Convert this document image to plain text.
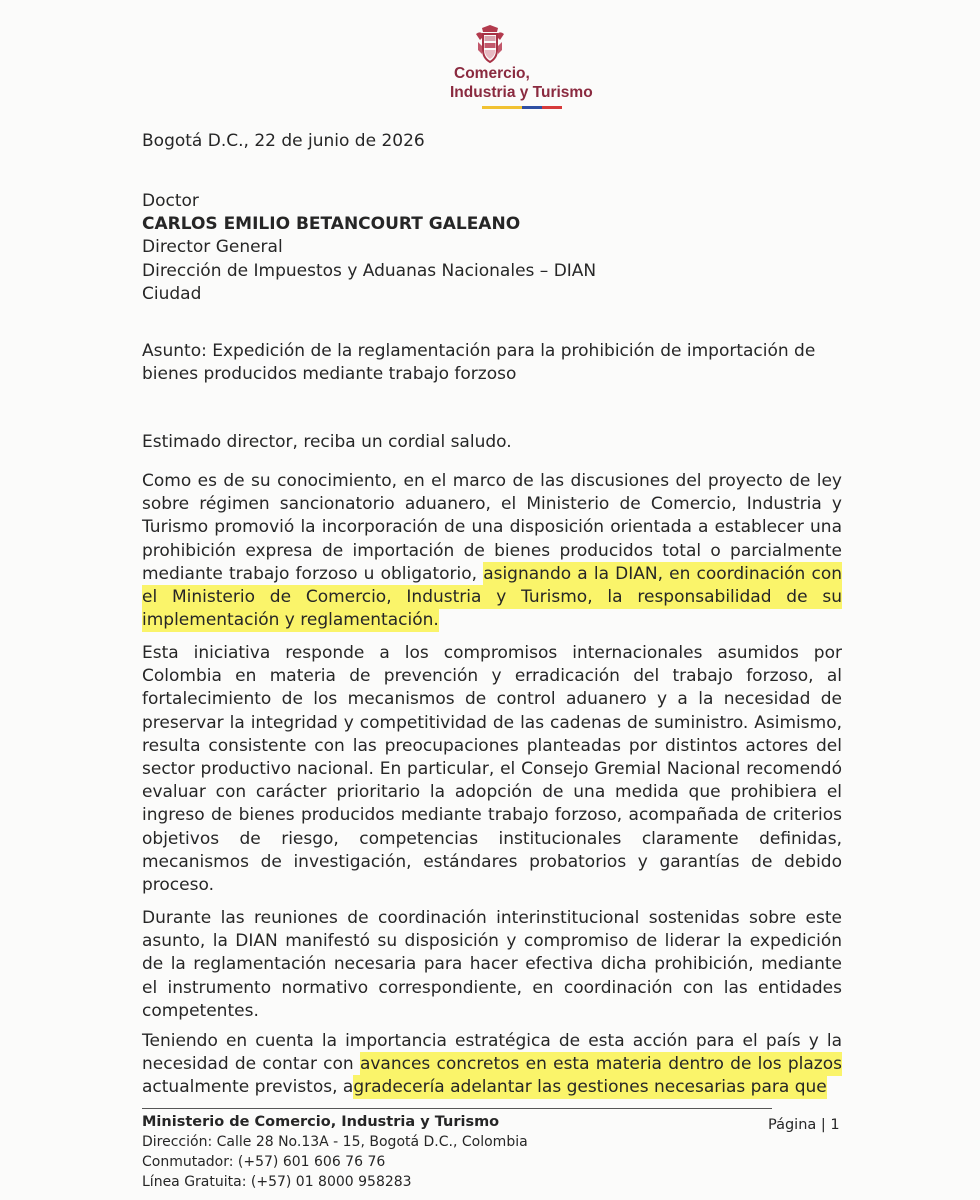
Comercio,
Industria y Turismo

Bogotá D.C., 22 de junio de 2026

Doctor
CARLOS EMILIO BETANCOURT GALEANO
Director General
Dirección de Impuestos y Aduanas Nacionales – DIAN
Ciudad

Asunto: Expedición de la reglamentación para la prohibición de importación de bienes producidos mediante trabajo forzoso

Estimado director, reciba un cordial saludo.

Como es de su conocimiento, en el marco de las discusiones del proyecto de ley sobre régimen sancionatorio aduanero, el Ministerio de Comercio, Industria y Turismo promovió la incorporación de una disposición orientada a establecer una prohibición expresa de importación de bienes producidos total o parcialmente mediante trabajo forzoso u obligatorio, asignando a la DIAN, en coordinación con el Ministerio de Comercio, Industria y Turismo, la responsabilidad de su implementación y reglamentación.

Esta iniciativa responde a los compromisos internacionales asumidos por Colombia en materia de prevención y erradicación del trabajo forzoso, al fortalecimiento de los mecanismos de control aduanero y a la necesidad de preservar la integridad y competitividad de las cadenas de suministro. Asimismo, resulta consistente con las preocupaciones planteadas por distintos actores del sector productivo nacional. En particular, el Consejo Gremial Nacional recomendó evaluar con carácter prioritario la adopción de una medida que prohibiera el ingreso de bienes producidos mediante trabajo forzoso, acompañada de criterios objetivos de riesgo, competencias institucionales claramente definidas, mecanismos de investigación, estándares probatorios y garantías de debido proceso.

Durante las reuniones de coordinación interinstitucional sostenidas sobre este asunto, la DIAN manifestó su disposición y compromiso de liderar la expedición de la reglamentación necesaria para hacer efectiva dicha prohibición, mediante el instrumento normativo correspondiente, en coordinación con las entidades competentes.

Teniendo en cuenta la importancia estratégica de esta acción para el país y la necesidad de contar con avances concretos en esta materia dentro de los plazos actualmente previstos, agradecería adelantar las gestiones necesarias para que

Ministerio de Comercio, Industria y Turismo
Dirección: Calle 28 No.13A - 15, Bogotá D.C., Colombia
Conmutador: (+57) 601 606 76 76
Línea Gratuita: (+57) 01 8000 958283
Página | 1
